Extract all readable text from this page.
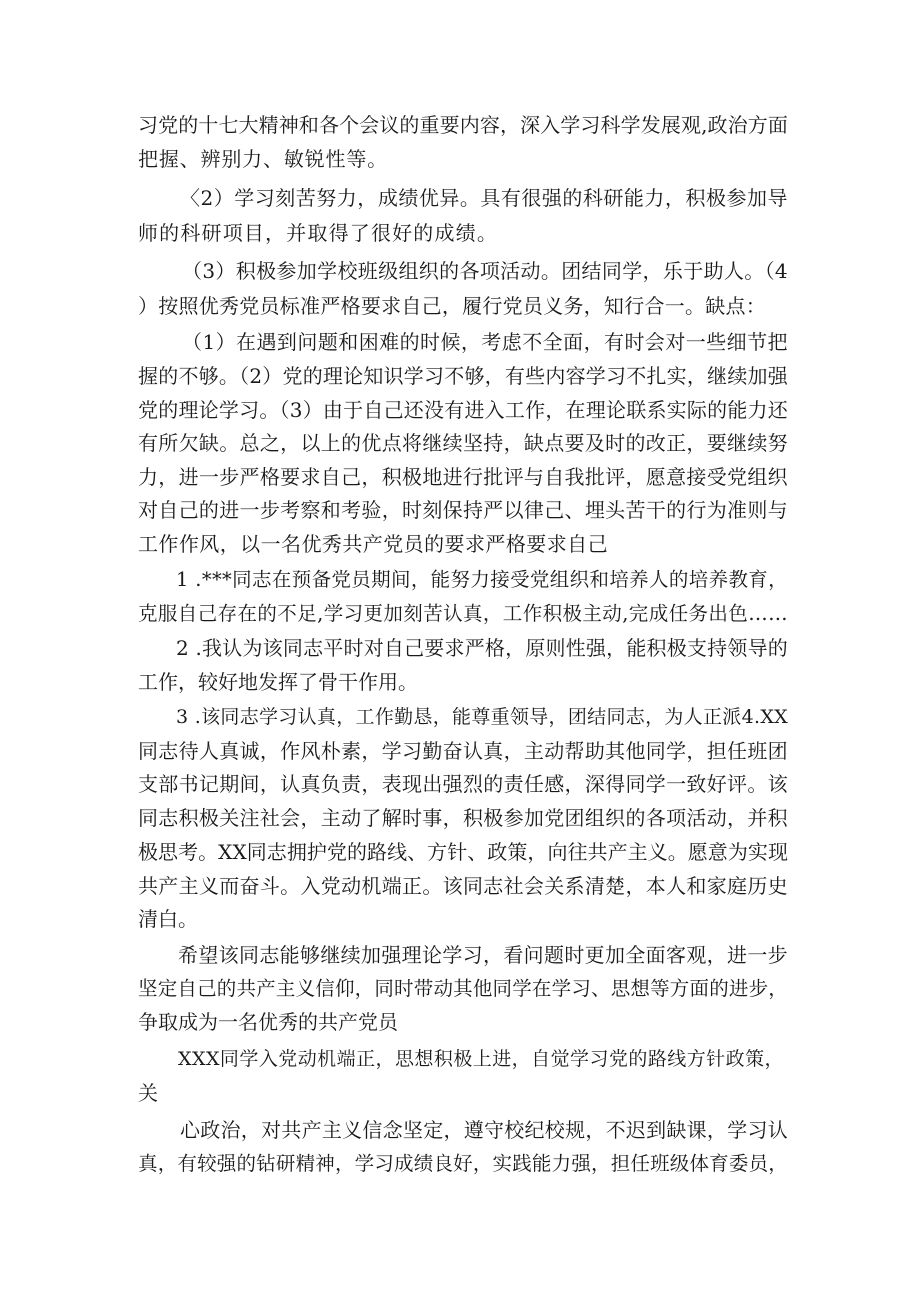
习党的十七大精神和各个会议的重要内容，深入学习科学发展观,政治方面
把握、辨别力、敏锐性等。
〈2）学习刻苦努力，成绩优异。具有很强的科研能力，积极参加导
师的科研项目，并取得了很好的成绩。
（3）积极参加学校班级组织的各项活动。团结同学，乐于助人。（4
）按照优秀党员标准严格要求自己，履行党员义务，知行合一。缺点：
（1）在遇到问题和困难的时候，考虑不全面，有时会对一些细节把
握的不够。（2）党的理论知识学习不够，有些内容学习不扎实，继续加强
党的理论学习。（3）由于自己还没有进入工作，在理论联系实际的能力还
有所欠缺。总之，以上的优点将继续坚持，缺点要及时的改正，要继续努
力，进一步严格要求自己，积极地进行批评与自我批评，愿意接受党组织
对自己的进一步考察和考验，时刻保持严以律己、埋头苦干的行为准则与
工作作风，以一名优秀共产党员的要求严格要求自己
1 .***同志在预备党员期间，能努力接受党组织和培养人的培养教育，
克服自己存在的不足,学习更加刻苦认真，工作积极主动,完成任务出色……
2 .我认为该同志平时对自己要求严格，原则性强，能积极支持领导的
工作，较好地发挥了骨干作用。
3 .该同志学习认真，工作勤恳，能尊重领导，团结同志，为人正派4.XX
同志待人真诚，作风朴素，学习勤奋认真，主动帮助其他同学，担任班团
支部书记期间，认真负责，表现出强烈的责任感，深得同学一致好评。该
同志积极关注社会，主动了解时事，积极参加党团组织的各项活动，并积
极思考。XX同志拥护党的路线、方针、政策，向往共产主义。愿意为实现
共产主义而奋斗。入党动机端正。该同志社会关系清楚，本人和家庭历史
清白。
希望该同志能够继续加强理论学习，看问题时更加全面客观，进一步
坚定自己的共产主义信仰，同时带动其他同学在学习、思想等方面的进步，
争取成为一名优秀的共产党员
XXX同学入党动机端正，思想积极上进，自觉学习党的路线方针政策，
关
心政治，对共产主义信念坚定，遵守校纪校规，不迟到缺课，学习认
真，有较强的钻研精神，学习成绩良好，实践能力强，担任班级体育委员，
